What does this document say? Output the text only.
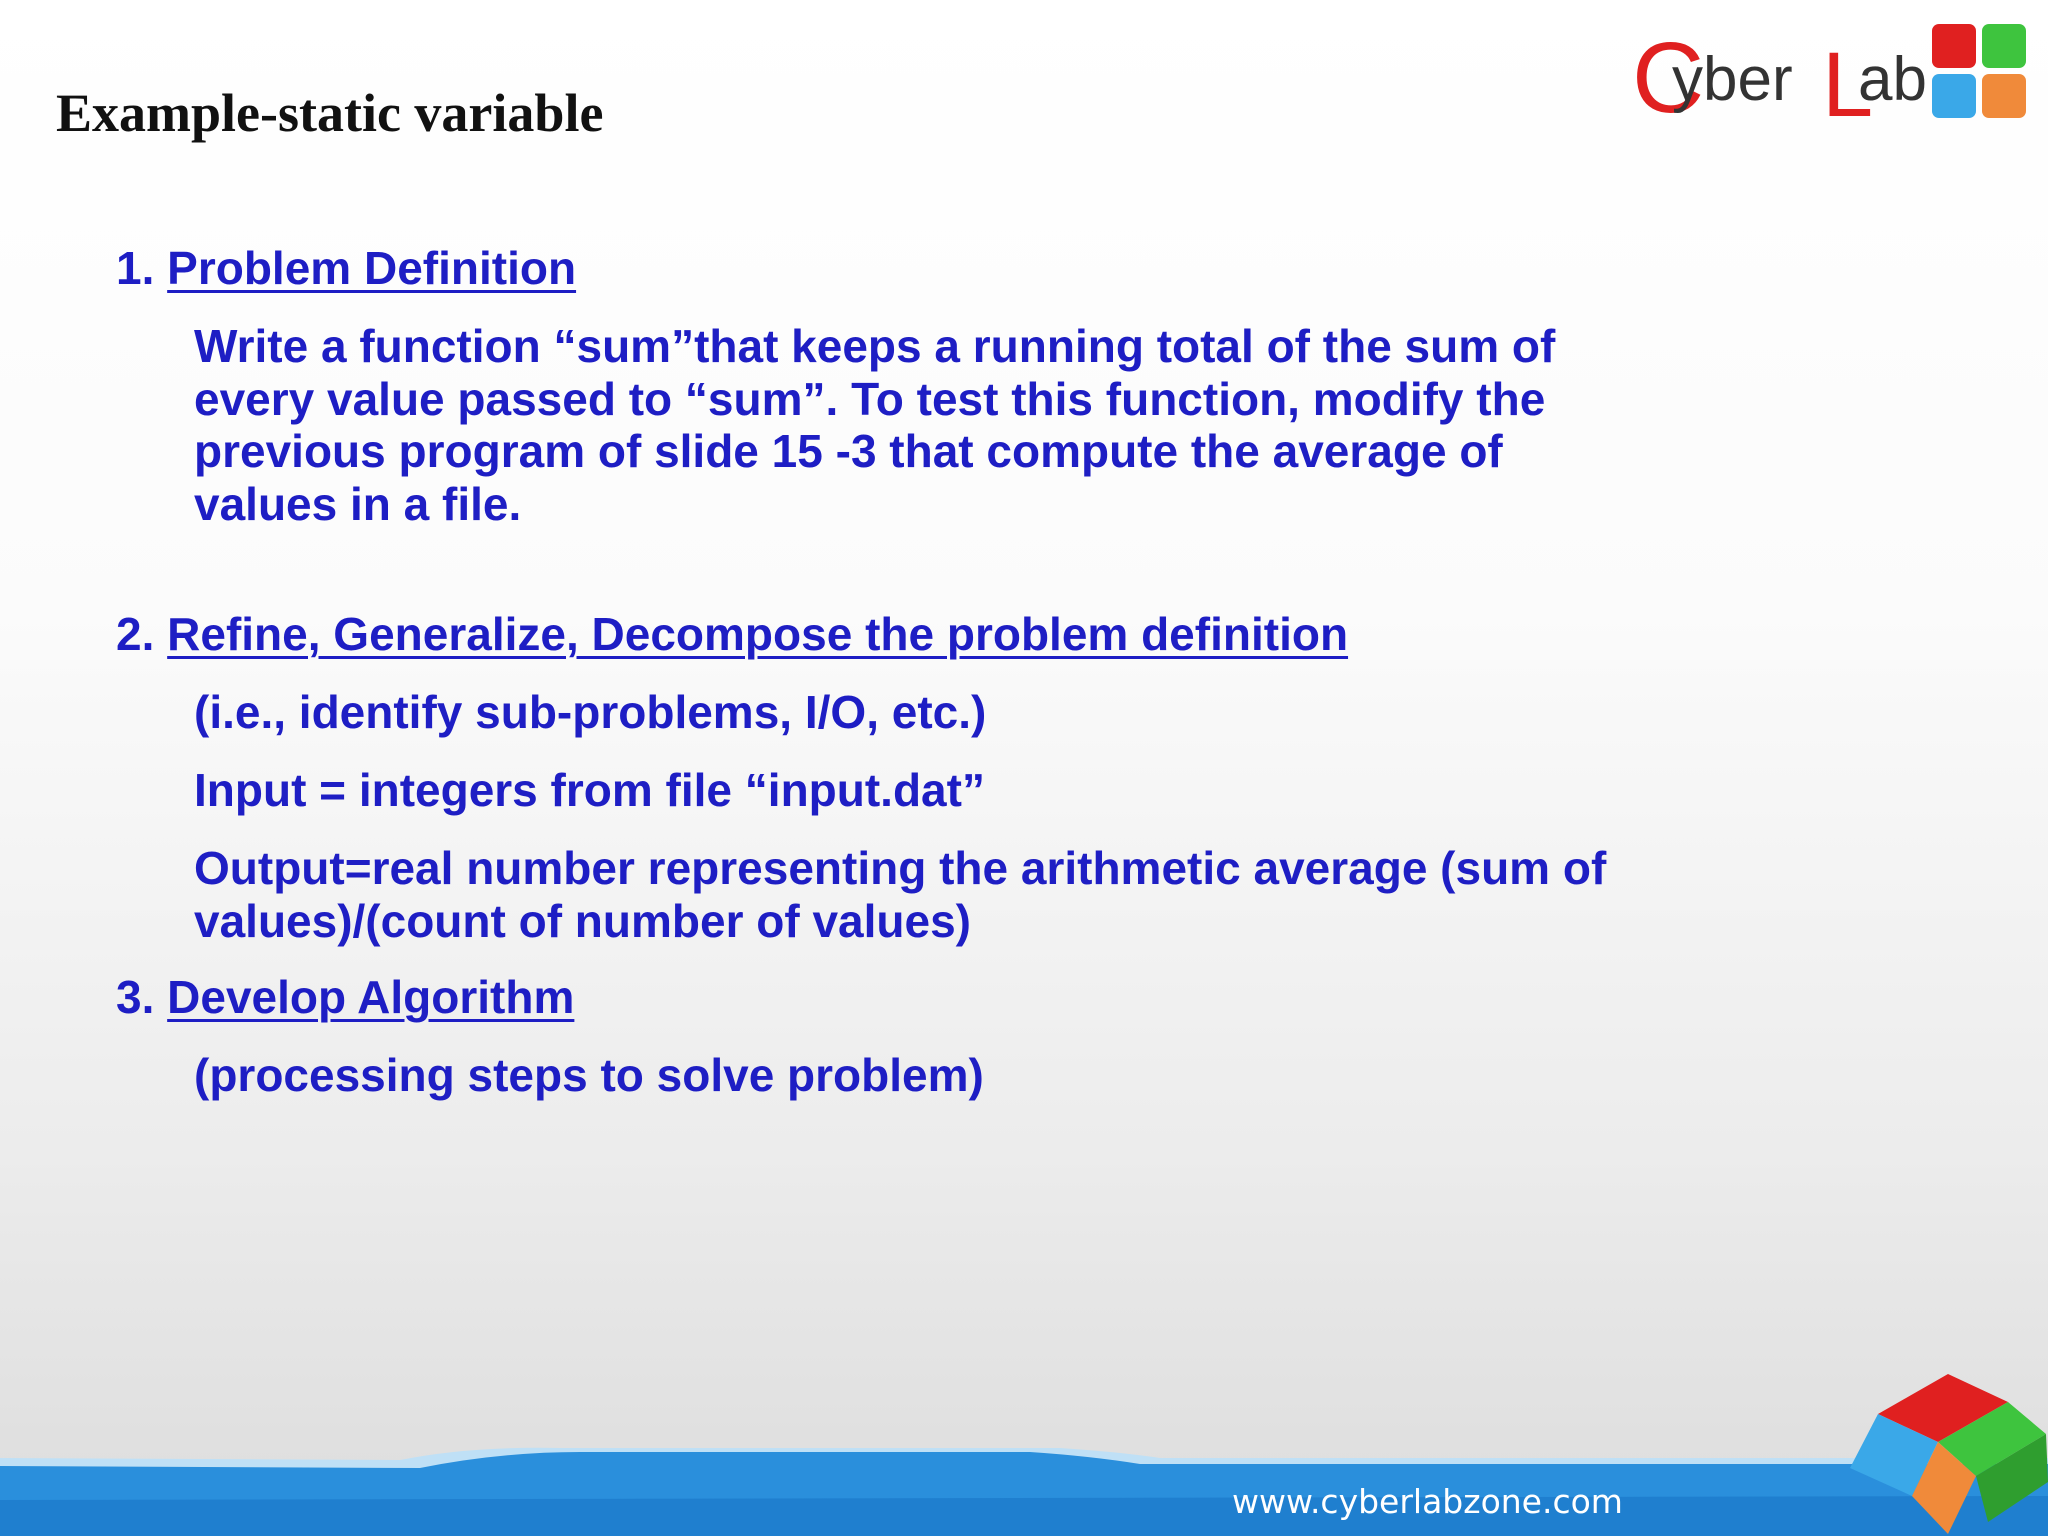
Example-static variable	C
yber L
ab
1. Problem Definition
Write a function “sum”that keeps a running total of the sum of
every value passed to “sum”. To test this function, modify the
previous program of slide 15 -3 that compute the average of
values in a file.
2. Refine, Generalize, Decompose the problem definition
(i.e., identify sub-problems, I/O, etc.)
Input = integers from file “input.dat”
Output=real number representing the arithmetic average (sum of
values)/(count of number of values)
3. Develop Algorithm
(processing steps to solve problem)
www.cyberlabzone.com
